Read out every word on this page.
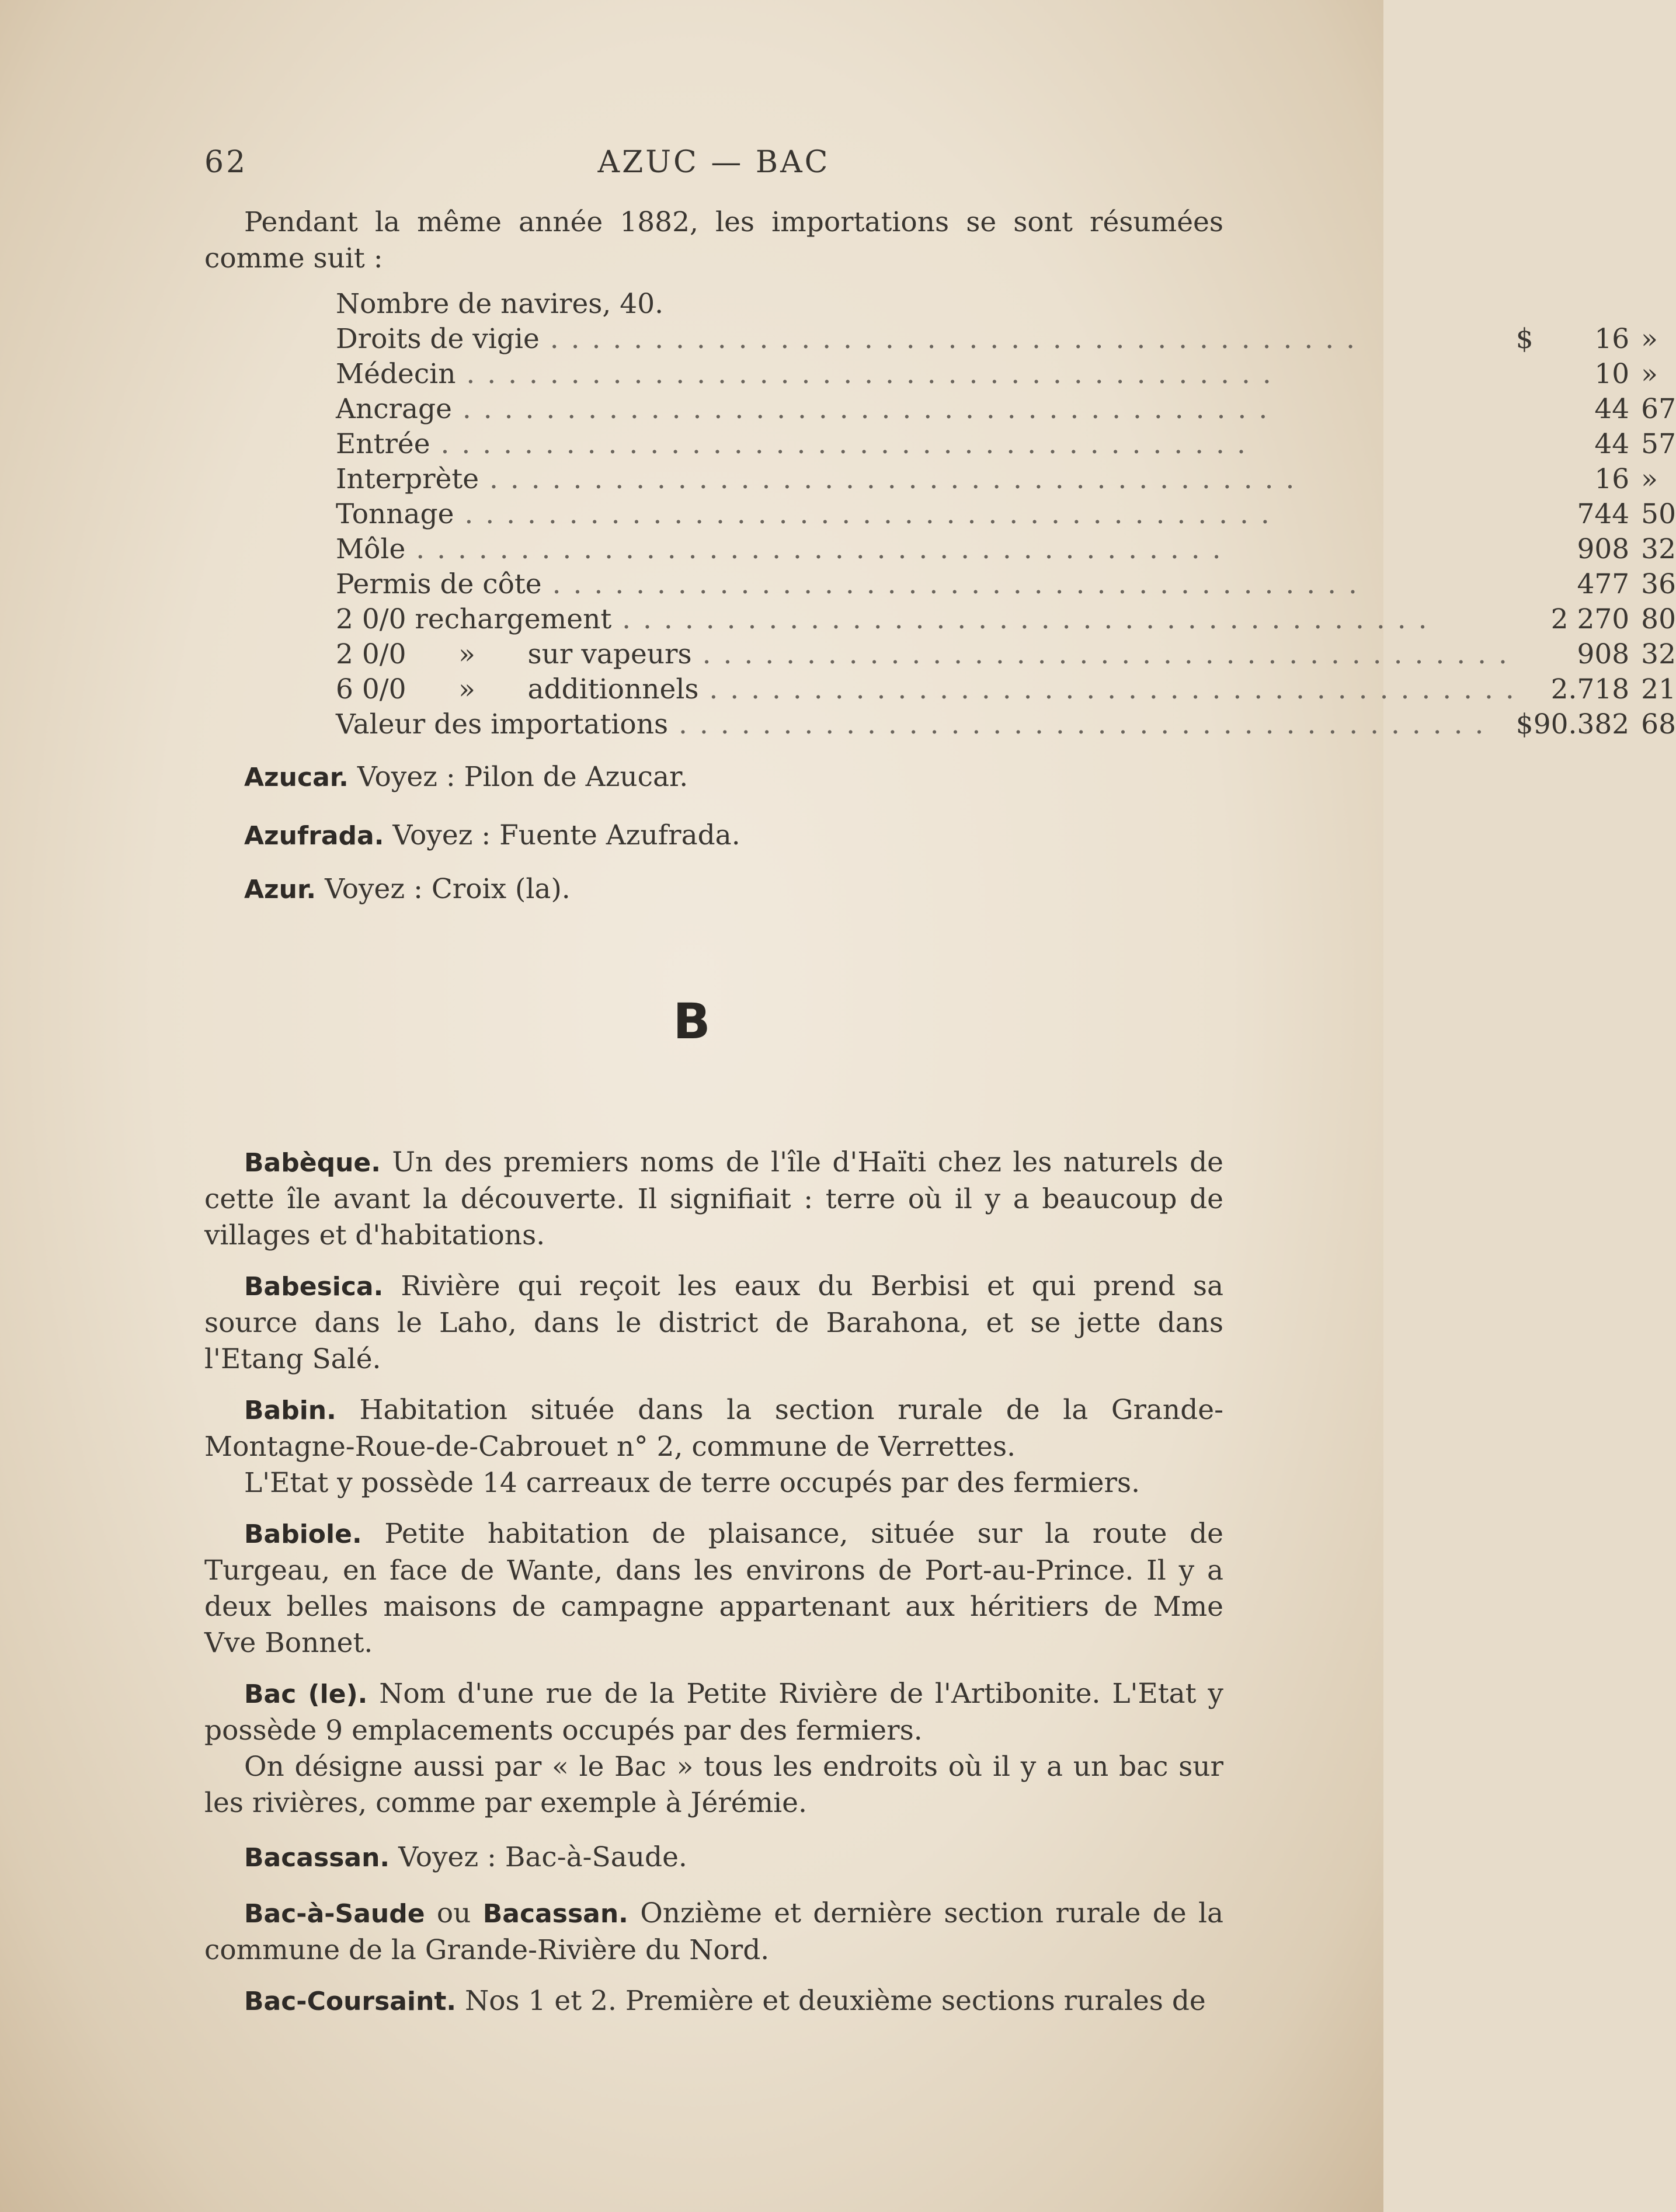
62	AZUC — BAC

Pendant la même année 1882, les importations se sont résumées comme suit :

Nombre de navires, 40.			
Droits de vigie . . . . . . . . . . . . . . . . . . . . . . . . . . . . . . . . . . . . . . .	$	16	»
Médecin . . . . . . . . . . . . . . . . . . . . . . . . . . . . . . . . . . . . . . .		10	»
Ancrage . . . . . . . . . . . . . . . . . . . . . . . . . . . . . . . . . . . . . . .		44	67
Entrée . . . . . . . . . . . . . . . . . . . . . . . . . . . . . . . . . . . . . . .		44	57
Interprète . . . . . . . . . . . . . . . . . . . . . . . . . . . . . . . . . . . . . . .		16	»
Tonnage . . . . . . . . . . . . . . . . . . . . . . . . . . . . . . . . . . . . . . .		744	50
Môle . . . . . . . . . . . . . . . . . . . . . . . . . . . . . . . . . . . . . . .		908	32
Permis de côte . . . . . . . . . . . . . . . . . . . . . . . . . . . . . . . . . . . . . . .		477	36
2 0/0 rechargement . . . . . . . . . . . . . . . . . . . . . . . . . . . . . . . . . . . . . . .		2 270	80
2 0/0      »      sur vapeurs . . . . . . . . . . . . . . . . . . . . . . . . . . . . . . . . . . . . . . .		908	32
6 0/0      »      additionnels . . . . . . . . . . . . . . . . . . . . . . . . . . . . . . . . . . . . . . .		2.718	21
Valeur des importations . . . . . . . . . . . . . . . . . . . . . . . . . . . . . . . . . . . . . . .	$	90.382	68

Azucar. Voyez : Pilon de Azucar.

Azufrada. Voyez : Fuente Azufrada.

Azur. Voyez : Croix (la).

B

Babèque. Un des premiers noms de l'île d'Haïti chez les naturels de cette île avant la découverte. Il signifiait : terre où il y a beaucoup de villages et d'habitations.

Babesica. Rivière qui reçoit les eaux du Berbisi et qui prend sa source dans le Laho, dans le district de Barahona, et se jette dans l'Etang Salé.

Babin. Habitation située dans la section rurale de la Grande-Montagne-Roue-de-Cabrouet n° 2, commune de Verrettes.

L'Etat y possède 14 carreaux de terre occupés par des fermiers.

Babiole. Petite habitation de plaisance, située sur la route de Turgeau, en face de Wante, dans les environs de Port-au-Prince. Il y a deux belles maisons de campagne appartenant aux héritiers de Mme Vve Bonnet.

Bac (le). Nom d'une rue de la Petite Rivière de l'Artibonite. L'Etat y possède 9 emplacements occupés par des fermiers.

On désigne aussi par « le Bac » tous les endroits où il y a un bac sur les rivières, comme par exemple à Jérémie.

Bacassan. Voyez : Bac-à-Saude.

Bac-à-Saude ou Bacassan. Onzième et dernière section rurale de la commune de la Grande-Rivière du Nord.

Bac-Coursaint. Nos 1 et 2. Première et deuxième sections rurales de
